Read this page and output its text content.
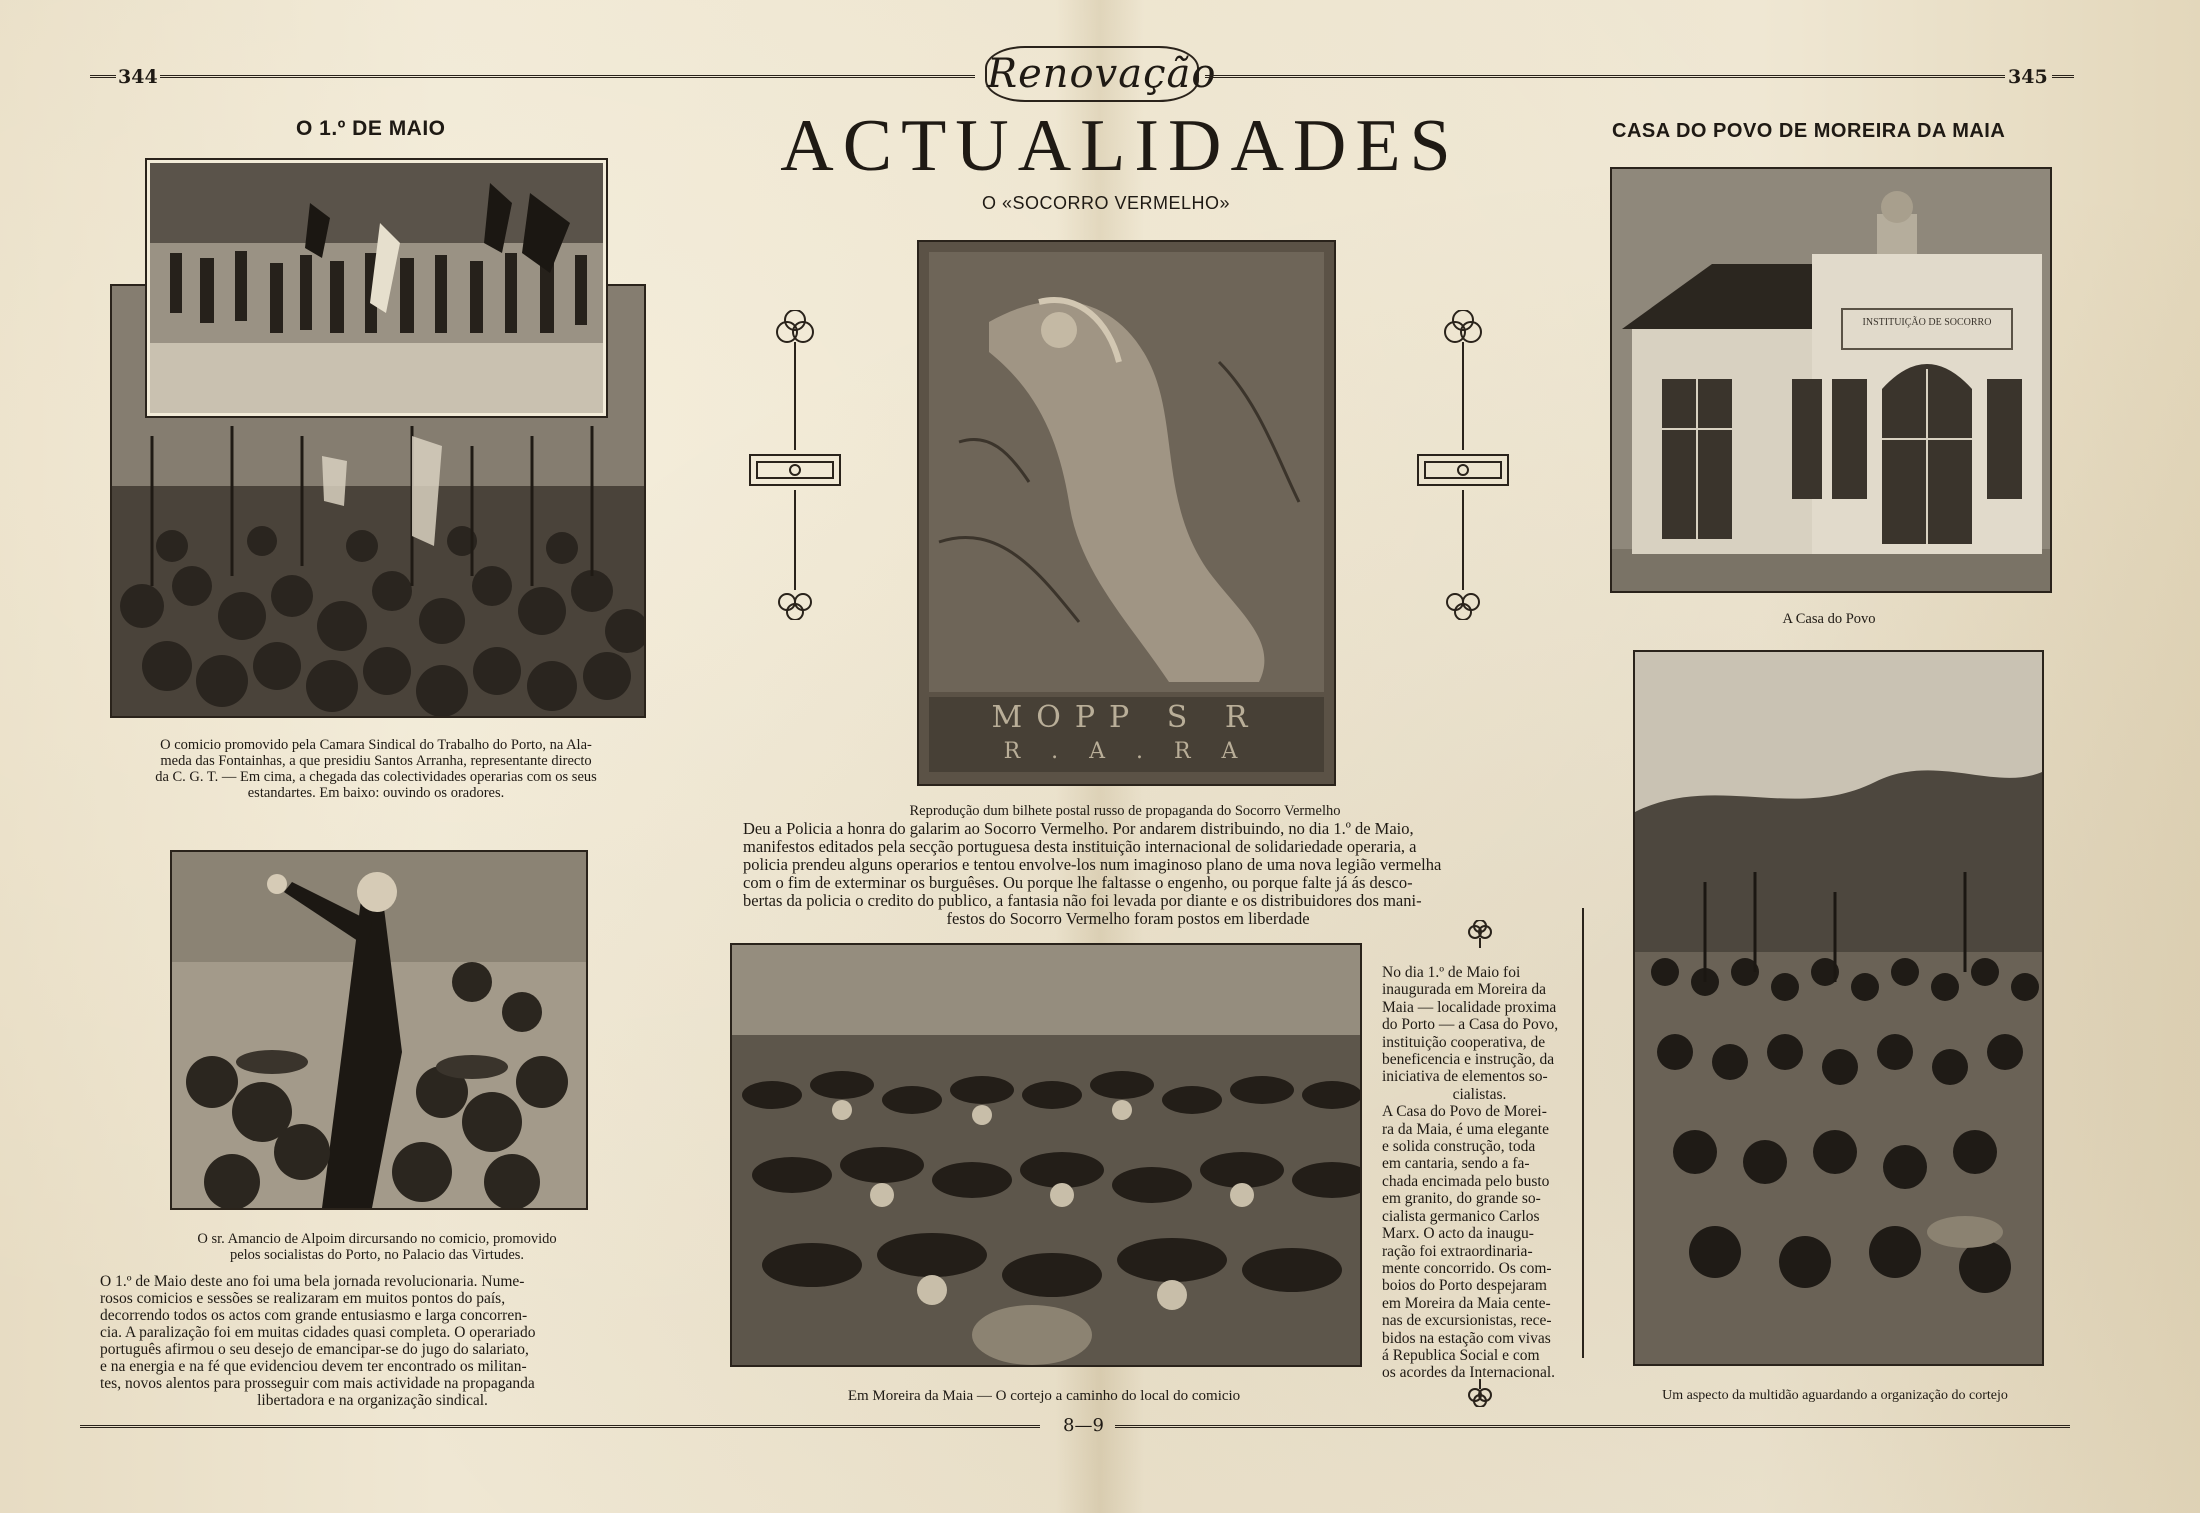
344	Renovação	345
O 1.º DE MAIO	ACTUALIDADES
O «SOCORRO VERMELHO»
CASA DO POVO DE MOREIRA DA MAIA
O comicio promovido pela Camara Sindical do Trabalho do Porto, na Ala-
meda das Fontainhas, a que presidiu Santos Arranha, representante directo
da C. G. T. — Em cima, a chegada das colectividades operarias com os seus
estandartes. Em baixo: ouvindo os oradores.
O sr. Amancio de Alpoim dircursando no comicio, promovido
pelos socialistas do Porto, no Palacio das Virtudes.
O 1.º de Maio deste ano foi uma bela jornada revolucionaria. Nume-
rosos comicios e sessões se realizaram em muitos pontos do país,
decorrendo todos os actos com grande entusiasmo e larga concorren-
cia. A paralização foi em muitas cidades quasi completa. O operariado
português afirmou o seu desejo de emancipar-se do jugo do salariato,
e na energia e na fé que evidenciou devem ter encontrado os militan-
tes, novos alentos para prosseguir com mais actividade na propaganda
libertadora e na organização sindical.
MOPP S R
R . A . R A
Reprodução dum bilhete postal russo de propaganda do Socorro Vermelho
Deu a Policia a honra do galarim ao Socorro Vermelho. Por andarem distribuindo, no dia 1.º de Maio,
manifestos editados pela secção portuguesa desta instituição internacional de solidariedade operaria, a
policia prendeu alguns operarios e tentou envolve-los num imaginoso plano de uma nova legião vermelha
com o fim de exterminar os burguêses. Ou porque lhe faltasse o engenho, ou porque falte já ás desco-
bertas da policia o credito do publico, a fantasia não foi levada por diante e os distribuidores dos mani-
festos do Socorro Vermelho foram postos em liberdade
Em Moreira da Maia — O cortejo a caminho do local do comicio
INSTITUIÇÃO DE SOCORRO
A Casa do Povo
No dia 1.º de Maio foi
inaugurada em Moreira da
Maia — localidade proxima
do Porto — a Casa do Povo,
instituição cooperativa, de
beneficencia e instrução, da
iniciativa de elementos so-
cialistas.
A Casa do Povo de Morei-
ra da Maia, é uma elegante
e solida construção, toda
em cantaria, sendo a fa-
chada encimada pelo busto
em granito, do grande so-
cialista germanico Carlos
Marx. O acto da inaugu-
ração foi extraordinaria-
mente concorrido. Os com-
boios do Porto despejaram
em Moreira da Maia cente-
nas de excursionistas, rece-
bidos na estação com vivas
á Republica Social e com
os acordes da Internacional.
Um aspecto da multidão aguardando a organização do cortejo
8—9
